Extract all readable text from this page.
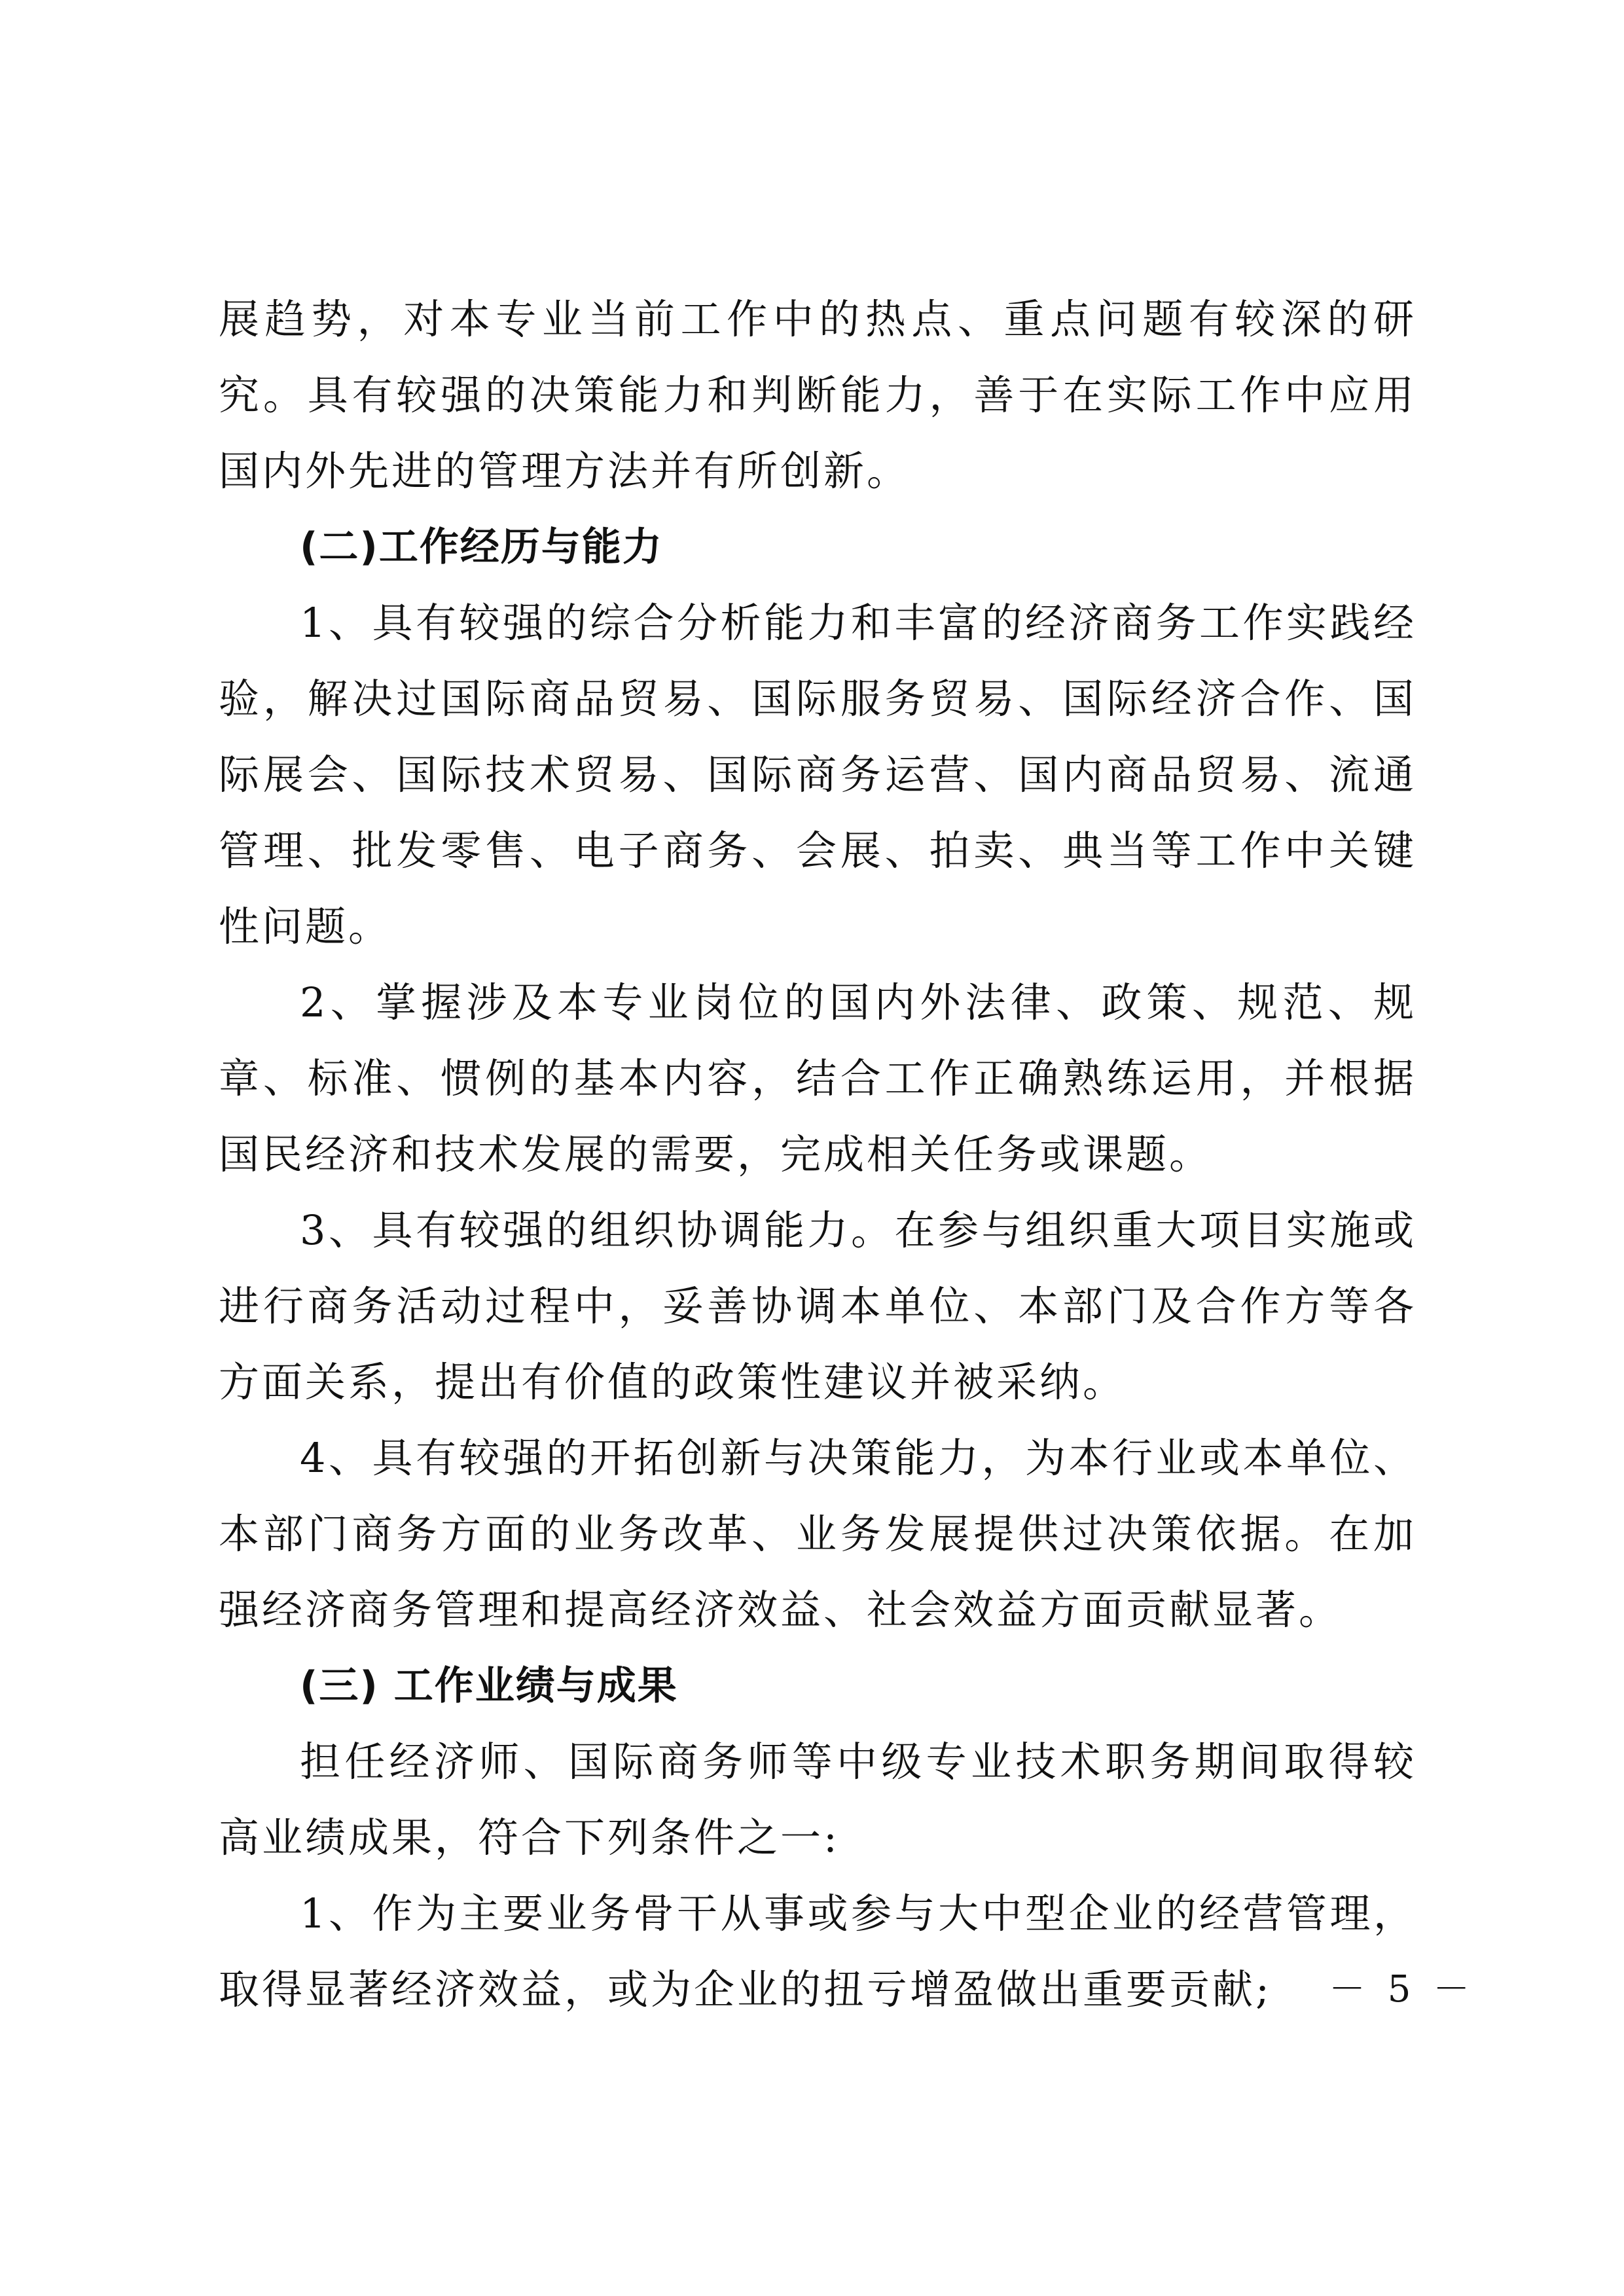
展趋势，对本专业当前工作中的热点、重点问题有较深的研究。具有较强的决策能力和判断能力，善于在实际工作中应用国内外先进的管理方法并有所创新。

(二)工作经历与能力

1、具有较强的综合分析能力和丰富的经济商务工作实践经验，解决过国际商品贸易、国际服务贸易、国际经济合作、国际展会、国际技术贸易、国际商务运营、国内商品贸易、流通管理、批发零售、电子商务、会展、拍卖、典当等工作中关键性问题。

2、掌握涉及本专业岗位的国内外法律、政策、规范、规章、标准、惯例的基本内容，结合工作正确熟练运用，并根据国民经济和技术发展的需要，完成相关任务或课题。

3、具有较强的组织协调能力。在参与组织重大项目实施或进行商务活动过程中，妥善协调本单位、本部门及合作方等各方面关系，提出有价值的政策性建议并被采纳。

4、具有较强的开拓创新与决策能力，为本行业或本单位、本部门商务方面的业务改革、业务发展提供过决策依据。在加强经济商务管理和提高经济效益、社会效益方面贡献显著。

(三) 工作业绩与成果

担任经济师、国际商务师等中级专业技术职务期间取得较高业绩成果，符合下列条件之一:

1、作为主要业务骨干从事或参与大中型企业的经营管理，取得显著经济效益，或为企业的扭亏增盈做出重要贡献;	－ 5 －
